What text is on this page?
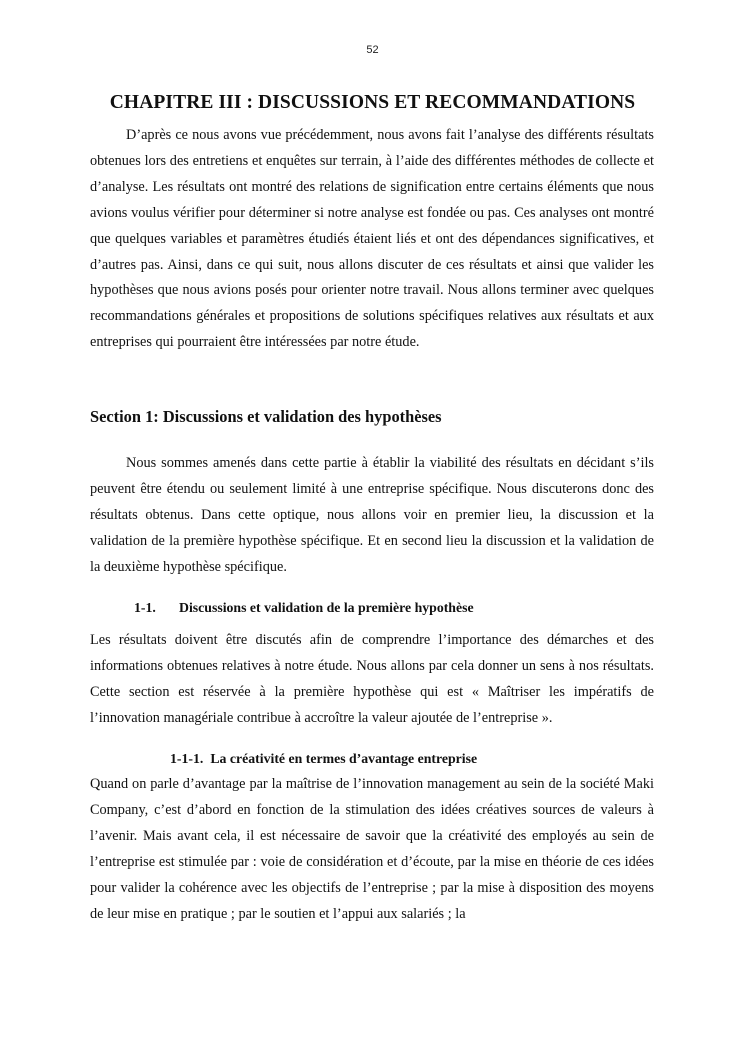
52
CHAPITRE III : DISCUSSIONS ET RECOMMANDATIONS

D’après ce nous avons vue précédemment, nous avons fait l’analyse des différents résultats obtenues lors des entretiens et enquêtes sur terrain, à l’aide des différentes méthodes de collecte et d’analyse. Les résultats ont montré des relations de signification entre certains éléments que nous avions voulus vérifier pour déterminer si notre analyse est fondée ou pas. Ces analyses ont montré que quelques variables et paramètres étudiés étaient liés et ont des dépendances significatives, et d’autres pas. Ainsi, dans ce qui suit, nous allons discuter de ces résultats et ainsi que valider les hypothèses que nous avions posés pour orienter notre travail. Nous allons terminer avec quelques recommandations générales et propositions de solutions spécifiques relatives aux résultats et aux entreprises qui pourraient être intéressées par notre étude.

Section 1: Discussions et validation des hypothèses

Nous sommes amenés dans cette partie à établir la viabilité des résultats en décidant s’ils peuvent être étendu ou seulement limité à une entreprise spécifique. Nous discuterons donc des résultats obtenus. Dans cette optique, nous allons voir en premier lieu, la discussion et la validation de la première hypothèse spécifique. Et en second lieu la discussion et la validation de la deuxième hypothèse spécifique.

1-1. Discussions et validation de la première hypothèse

Les résultats doivent être discutés afin de comprendre l’importance des démarches et des informations obtenues relatives à notre étude. Nous allons par cela donner un sens à nos résultats. Cette section est réservée à la première hypothèse qui est « Maîtriser les impératifs de l’innovation managériale contribue à accroître la valeur ajoutée de l’entreprise ».

1-1-1. La créativité en termes d’avantage entreprise

Quand on parle d’avantage par la maîtrise de l’innovation management au sein de la société Maki Company, c’est d’abord en fonction de la stimulation des idées créatives sources de valeurs à l’avenir. Mais avant cela, il est nécessaire de savoir que la créativité des employés au sein de l’entreprise est stimulée par : voie de considération et d’écoute, par la mise en théorie de ces idées pour valider la cohérence avec les objectifs de l’entreprise ; par la mise à disposition des moyens de leur mise en pratique ; par le soutien et l’appui aux salariés ; la
